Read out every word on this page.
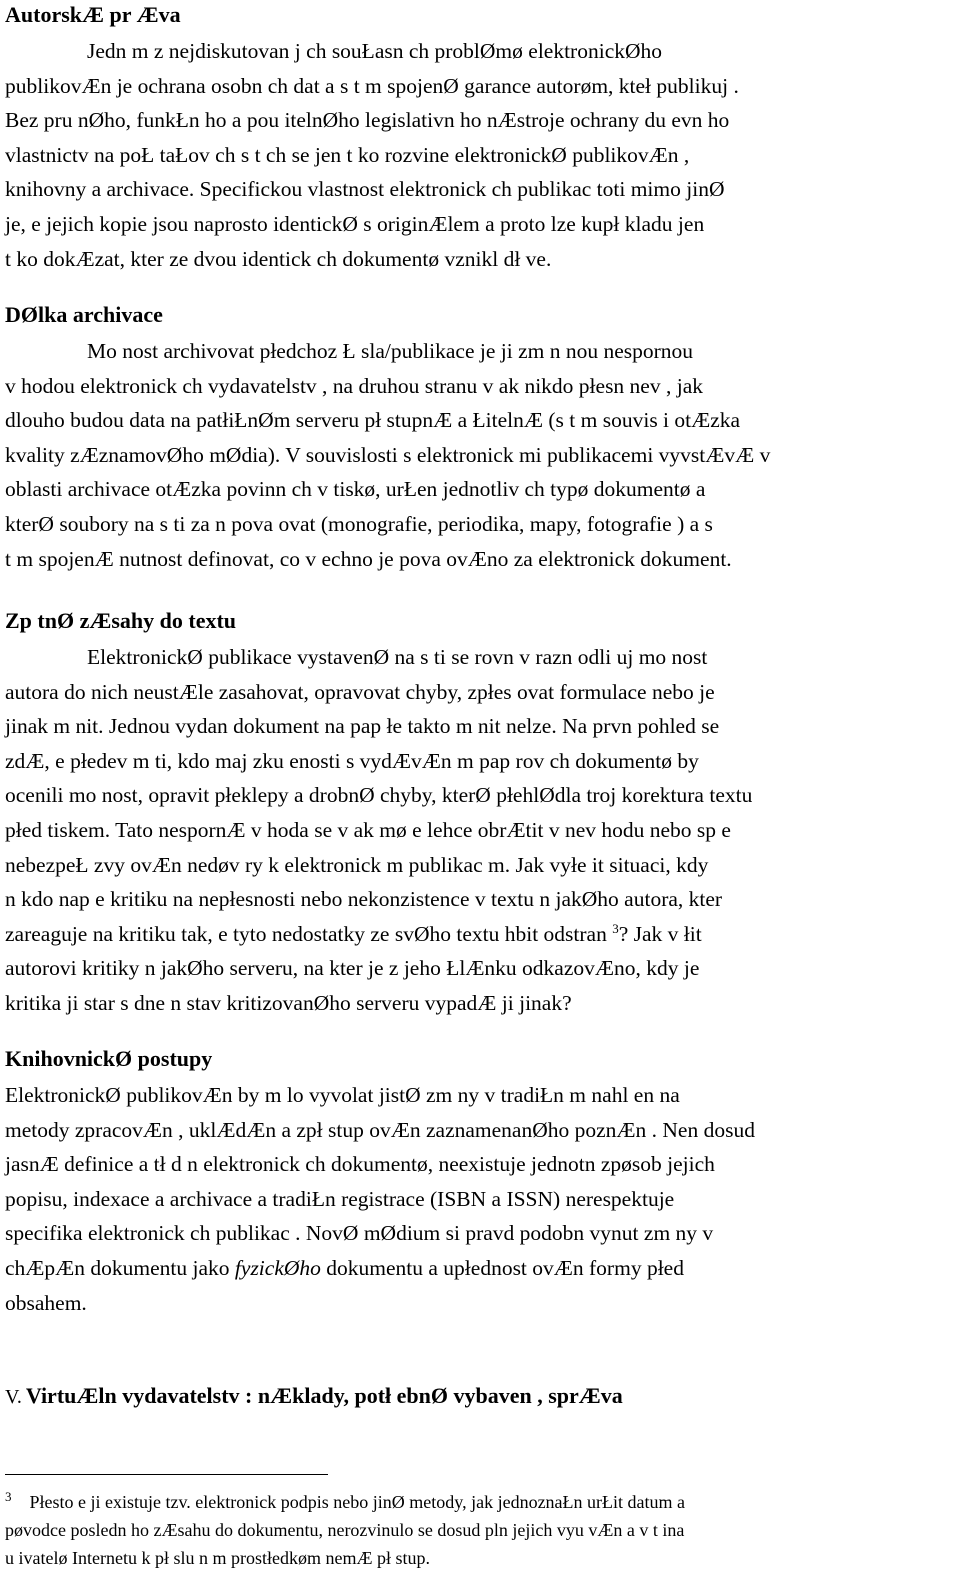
AutorskÆ pr Æva

Jedn m z nejdiskutovan j ch souŁasn ch problØmø elektronickØho

publikovÆn je ochrana osobn ch dat a s t m spojenØ garance autorøm, kteł publikuj .

Bez pru nØho, funkŁn ho a pou itelnØho legislativn ho nÆstroje ochrany du evn ho

vlastnictv na poŁ taŁov ch s t ch se jen t ko rozvine elektronickØ publikovÆn ,

knihovny a archivace. Specifickou vlastnost elektronick ch publikac toti mimo jinØ

je, e jejich kopie jsou naprosto identickØ s originÆlem a proto lze kupł kladu jen

t ko dokÆzat, kter ze dvou identick ch dokumentø vznikl dł ve.

DØlka archivace

Mo nost archivovat płedchoz Ł sla/publikace je ji zm n nou nespornou

v hodou elektronick ch vydavatelstv , na druhou stranu v ak nikdo płesn nev , jak

dlouho budou data na patłiŁnØm serveru pł stupnÆ a ŁitelnÆ (s t m souvis i otÆzka

kvality zÆznamovØho mØdia). V souvislosti s elektronick mi publikacemi vyvstÆvÆ v

oblasti archivace otÆzka povinn ch v tiskø, urŁen jednotliv ch typø dokumentø a

kterØ soubory na s ti za n pova ovat (monografie, periodika, mapy, fotografie ) a s

t m spojenÆ nutnost definovat, co v echno je pova ovÆno za elektronick dokument.

Zp tnØ zÆsahy do textu

ElektronickØ publikace vystavenØ na s ti se rovn v razn odli uj mo nost

autora do nich neustÆle zasahovat, opravovat chyby, zpłes ovat formulace nebo je

jinak m nit. Jednou vydan dokument na pap łe takto m nit nelze. Na prvn pohled se

zdÆ, e płedev m ti, kdo maj zku enosti s vydÆvÆn m pap rov ch dokumentø by

ocenili mo nost, opravit płeklepy a drobnØ chyby, kterØ płehlØdla troj korektura textu

płed tiskem. Tato nespornÆ v hoda se v ak mø e lehce obrÆtit v nev hodu nebo sp e

nebezpeŁ zvy ovÆn nedøv ry k elektronick m publikac m. Jak vyłe it situaci, kdy

n kdo nap e kritiku na nepłesnosti nebo nekonzistence v textu n jakØho autora, kter

zareaguje na kritiku tak, e tyto nedostatky ze svØho textu hbit odstran $^3$? Jak v łit

autorovi kritiky n jakØho serveru, na kter je z jeho ŁlÆnku odkazovÆno, kdy je

kritika ji star s dne n stav kritizovanØho serveru vypadÆ ji jinak?

KnihovnickØ postupy

ElektronickØ publikovÆn by m lo vyvolat jistØ zm ny v tradiŁn m nahl en na

metody zpracovÆn , uklÆdÆn a zpł stup ovÆn zaznamenanØho poznÆn . Nen dosud

jasnÆ definice a tł d n elektronick ch dokumentø, neexistuje jednotn zpøsob jejich

popisu, indexace a archivace a tradiŁn registrace (ISBN a ISSN) nerespektuje

specifika elektronick ch publikac . NovØ mØdium si pravd podobn vynut zm ny v

chÆpÆn dokumentu jako fyzickØho dokumentu a upłednost ovÆn formy płed

obsahem.

V. VirtuÆln vydavatelstv : nÆklady, potł ebnØ vybaven , sprÆva

$^3$ Płesto e ji existuje tzv. elektronick podpis nebo jinØ metody, jak jednoznaŁn urŁit datum a

pøvodce posledn ho zÆsahu do dokumentu, nerozvinulo se dosud pln jejich vyu vÆn a v t ina

u ivatelø Internetu k pł slu n m prostłedkøm nemÆ pł stup.
